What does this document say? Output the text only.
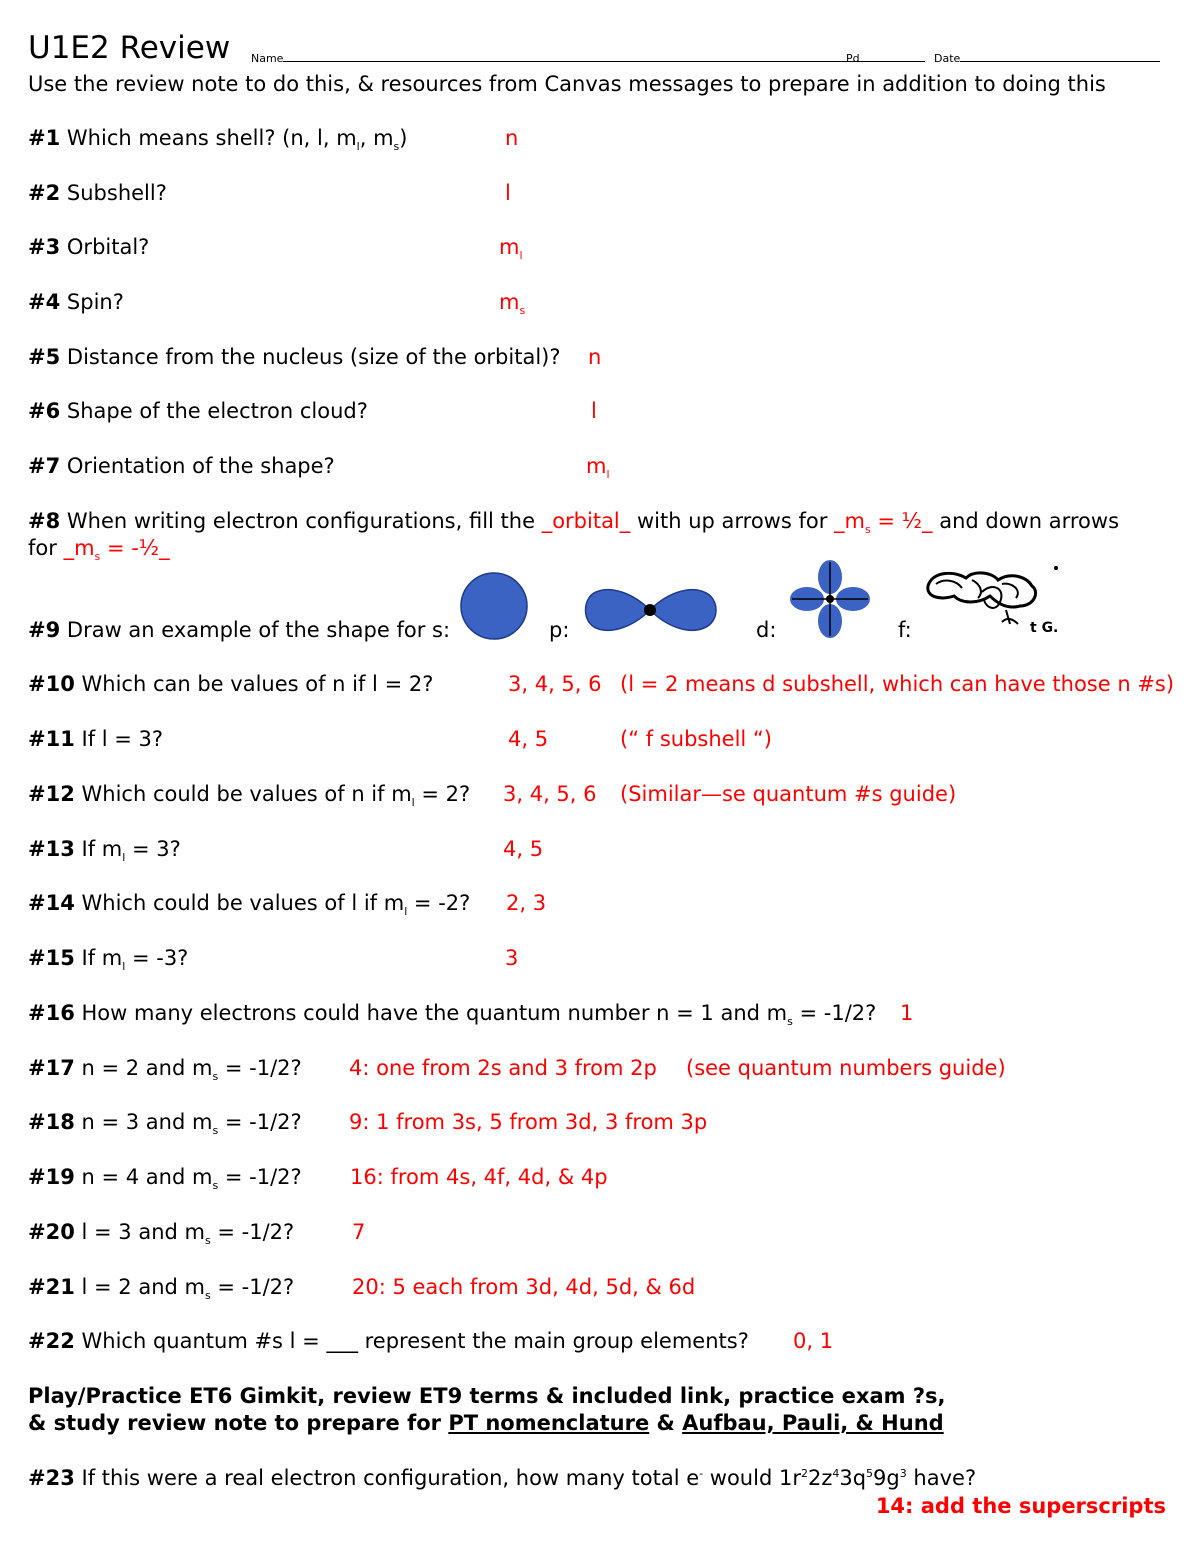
U1E2 Review Name	Pd	Date
Use the review note to do this, & resources from Canvas messages to prepare in addition to doing this
#1 Which means shell? (n, l, $m_l$, $m_s$)	n
#2 Subshell?	l
#3 Orbital?	$m_l$
#4 Spin?	$m_s$
#5 Distance from the nucleus (size of the orbital)? n
#6 Shape of the electron cloud?	l
#7 Orientation of the shape?	$m_l$
#8 When writing electron configurations, fill the _orbital_ with up arrows for $\_m_s$ = ½_ and down arrows
for $\_m_s$ = -½_
#9 Draw an example of the shape for s:	p:	d:	f:	t G.
#10 Which can be values of n if l = 2?	3, 4, 5, 6 (l = 2 means d subshell, which can have those n #s)
#11 If l = 3?	4, 5	(“ f subshell “)
#12 Which could be values of n if $m_l = 2$? 3, 4, 5, 6 (Similar—se quantum #s guide)
#13 If $m_l = 3$?	4, 5
#14 Which could be values of l if $m_l = -2$? 2, 3
#15 If $m_l = -3$?	3
#16 How many electrons could have the quantum number n = 1 and $m_s = -1/2$? 1
#17 n = 2 and $m_s = -1/2$? 4: one from 2s and 3 from 2p (see quantum numbers guide)
#18 n = 3 and $m_s = -1/2$? 9: 1 from 3s, 5 from 3d, 3 from 3p
#19 n = 4 and $m_s = -1/2$? 16: from 4s, 4f, 4d, & 4p
#20 l = 3 and $m_s = -1/2$?	7
#21 l = 2 and $m_s = -1/2$?	20: 5 each from 3d, 4d, 5d, & 6d
#22 Which quantum #s l = ___ represent the main group elements? 0, 1
Play/Practice ET6 Gimkit, review ET9 terms & included link, practice exam ?s,
& study review note to prepare for PT nomenclature & Aufbau, Pauli, & Hund
#23 If this were a real electron configuration, how many total e- would $1r^22z^43q^59g^3$ have?
14: add the superscripts
